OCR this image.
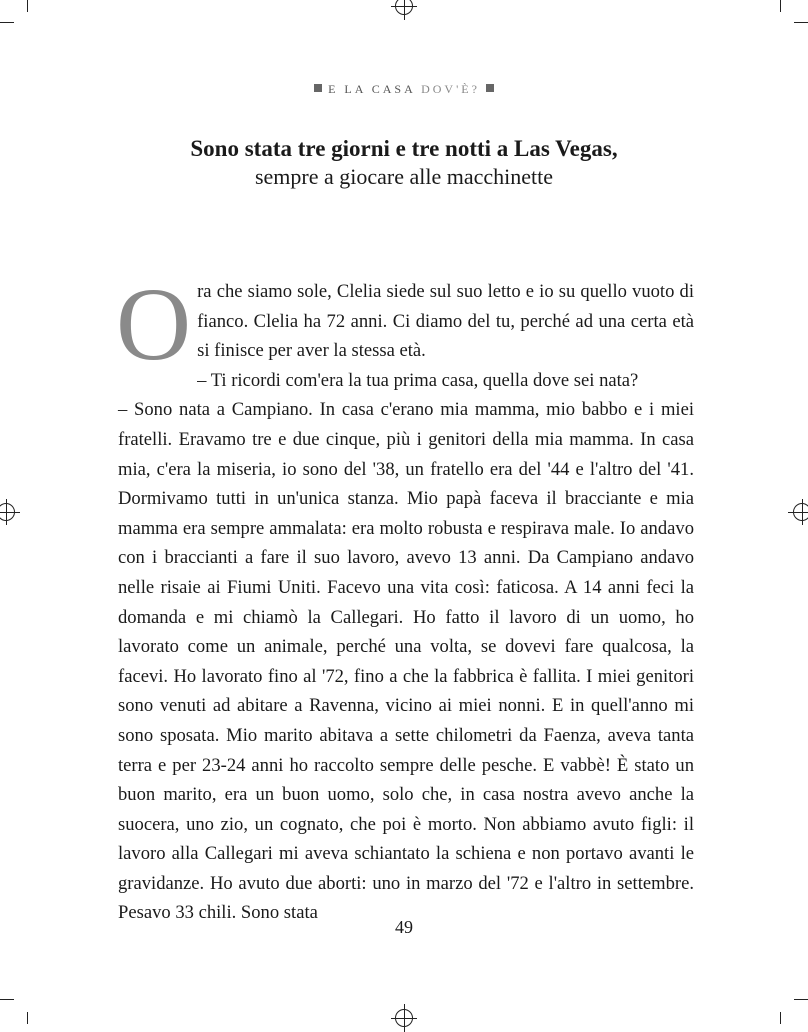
E LA CASA DOV'È?
Sono stata tre giorni e tre notti a Las Vegas,
sempre a giocare alle macchinette

Ora che siamo sole, Clelia siede sul suo letto e io su quello vuoto di fianco. Clelia ha 72 anni. Ci diamo del tu, perché ad una certa età si finisce per aver la stessa età.

– Ti ricordi com'era la tua prima casa, quella dove sei nata?

– Sono nata a Campiano. In casa c'erano mia mamma, mio babbo e i miei fratelli. Eravamo tre e due cinque, più i genitori della mia mamma. In casa mia, c'era la miseria, io sono del '38, un fratello era del '44 e l'altro del '41. Dormivamo tutti in un'unica stanza. Mio papà faceva il bracciante e mia mamma era sempre ammalata: era molto robusta e respirava male. Io andavo con i braccianti a fare il suo lavoro, avevo 13 anni. Da Campiano andavo nelle risaie ai Fiumi Uniti. Facevo una vita così: faticosa. A 14 anni feci la domanda e mi chiamò la Callegari. Ho fatto il lavoro di un uomo, ho lavorato come un animale, perché una volta, se dovevi fare qualcosa, la facevi. Ho lavorato fino al '72, fino a che la fabbrica è fallita. I miei genitori sono venuti ad abitare a Ravenna, vicino ai miei nonni. E in quell'anno mi sono sposata. Mio marito abitava a sette chilometri da Faenza, aveva tanta terra e per 23-24 anni ho raccolto sempre delle pesche. E vabbè! È stato un buon marito, era un buon uomo, solo che, in casa nostra avevo anche la suocera, uno zio, un cognato, che poi è morto. Non abbiamo avuto figli: il lavoro alla Callegari mi aveva schiantato la schiena e non portavo avanti le gravidanze. Ho avuto due aborti: uno in marzo del '72 e l'altro in settembre. Pesavo 33 chili. Sono stata

49
